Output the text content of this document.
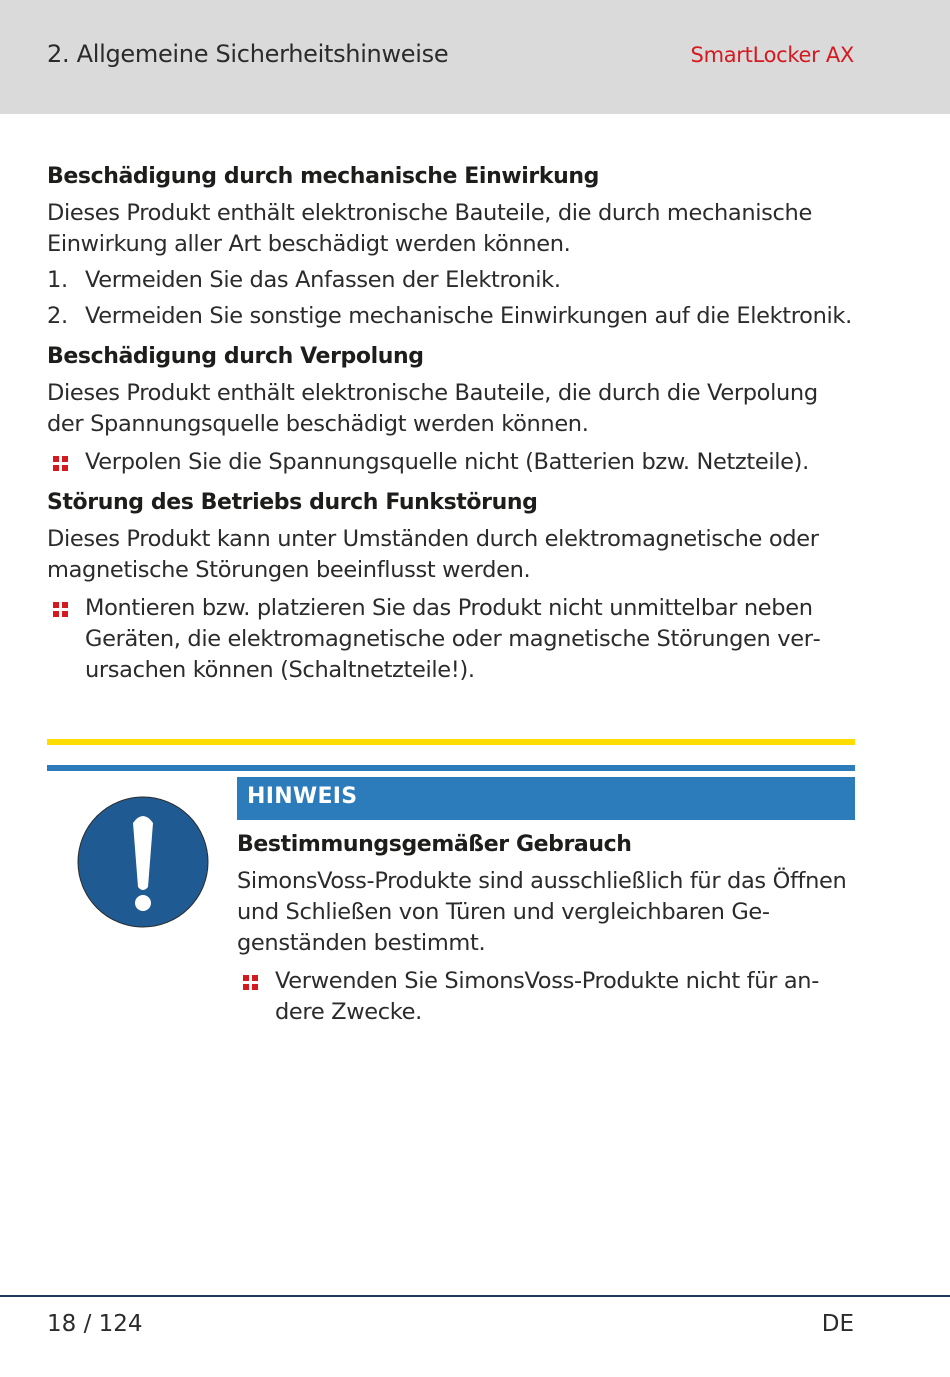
2. Allgemeine Sicherheitshinweise	SmartLocker AX
Beschädigung durch mechanische Einwirkung

Dieses Produkt enthält elektronische Bauteile, die durch mechanische Einwirkung aller Art beschädigt werden können.

1. Vermeiden Sie das Anfassen der Elektronik.
2. Vermeiden Sie sonstige mechanische Einwirkungen auf die Elektronik.
Beschädigung durch Verpolung

Dieses Produkt enthält elektronische Bauteile, die durch die Verpolung der Spannungsquelle beschädigt werden können.

Verpolen Sie die Spannungsquelle nicht (Batterien bzw. Netzteile).
Störung des Betriebs durch Funkstörung

Dieses Produkt kann unter Umständen durch elektromagnetische oder magnetische Störungen beeinflusst werden.

Montieren bzw. platzieren Sie das Produkt nicht unmittelbar neben Geräten, die elektromagnetische oder magnetische Störungen verursachen können (Schaltnetzteile!).
HINWEIS
Bestimmungsgemäßer Gebrauch

SimonsVoss-Produkte sind ausschließlich für das Öffnen und Schließen von Türen und vergleichbaren Gegenständen bestimmt.

Verwenden Sie SimonsVoss-Produkte nicht für andere Zwecke.
18 / 124	DE
